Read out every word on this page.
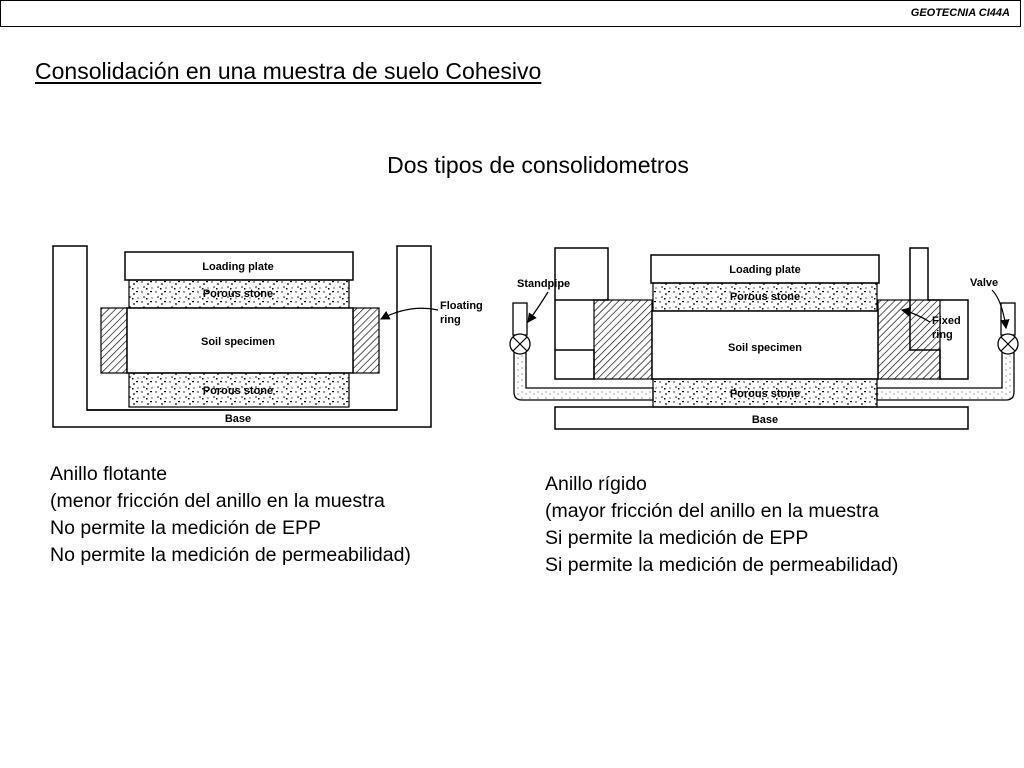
GEOTECNIA CI44A
Consolidación en una muestra de suelo Cohesivo
Dos tipos de consolidometros
Loading plate
Porous stone
Soil specimen
Porous stone
Base
Floating
ring
Loading plate
Porous stone
Soil specimen
Porous stone
Base
Standpipe	Valve
Fixed
ring
Anillo flotante
(menor fricción del anillo en la muestra
No permite la medición de EPP
No permite la medición de permeabilidad)
Anillo rígido
(mayor fricción del anillo en la muestra
Si permite la medición de EPP
Si permite la medición de permeabilidad)
